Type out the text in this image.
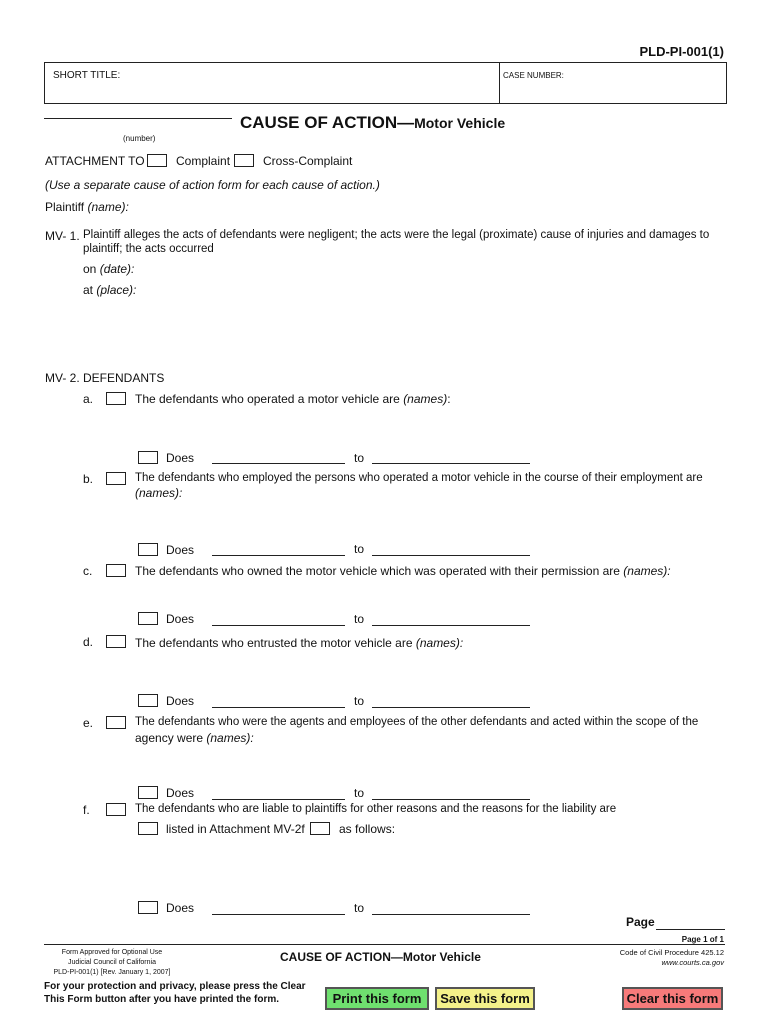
PLD-PI-001(1)
SHORT TITLE:	CASE NUMBER:
(number)
CAUSE OF ACTION—Motor Vehicle
ATTACHMENT TO	Complaint	Cross-Complaint
(Use a separate cause of action form for each cause of action.)
Plaintiff (name):
MV- 1. Plaintiff alleges the acts of defendants were negligent; the acts were the legal (proximate) cause of injuries and damages to
plaintiff; the acts occurred
on (date):
at (place):
MV- 2. DEFENDANTS
a.	The defendants who operated a motor vehicle are (names):
Does	to
b.	The defendants who employed the persons who operated a motor vehicle in the course of their employment are
(names):
Does	to
c.	The defendants who owned the motor vehicle which was operated with their permission are (names):
Does	to
d.	The defendants who entrusted the motor vehicle are (names):
Does	to
e.	The defendants who were the agents and employees of the other defendants and acted within the scope of the
agency were (names):
Does	to
f.	The defendants who are liable to plaintiffs for other reasons and the reasons for the liability are
listed in Attachment MV-2f	as follows:
Does	to
Page
Page 1 of 1
Form Approved for Optional Use
Judicial Council of California
PLD-PI-001(1) [Rev. January 1, 2007]
CAUSE OF ACTION—Motor Vehicle	Code of Civil Procedure 425.12
www.courts.ca.gov
For your protection and privacy, please press the Clear
This Form button after you have printed the form.	Print this form	Save this form	Clear this form
